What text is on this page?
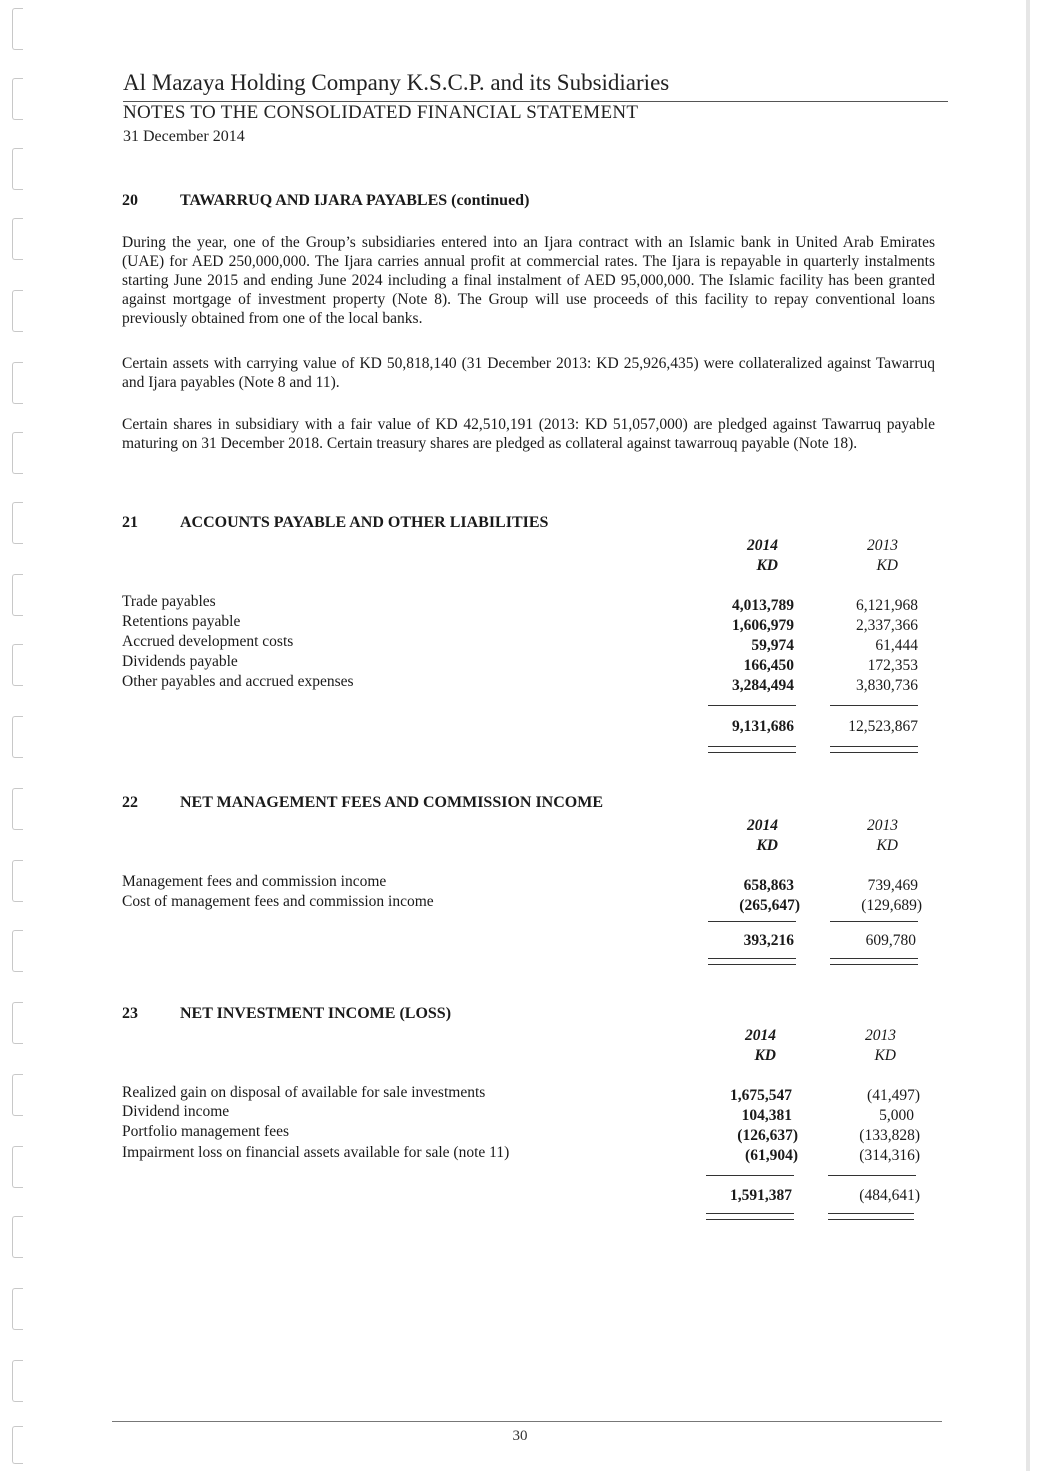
Al Mazaya Holding Company K.S.C.P. and its Subsidiaries
NOTES TO THE CONSOLIDATED FINANCIAL STATEMENT
31 December 2014
20	TAWARRUQ AND IJARA PAYABLES (continued)

During the year, one of the Group’s subsidiaries entered into an Ijara contract with an Islamic bank in United Arab Emirates (UAE) for AED 250,000,000. The Ijara carries annual profit at commercial rates. The Ijara is repayable in quarterly instalments starting June 2015 and ending June 2024 including a final instalment of AED 95,000,000. The Islamic facility has been granted against mortgage of investment property (Note 8). The Group will use proceeds of this facility to repay conventional loans previously obtained from one of the local banks.

Certain assets with carrying value of KD 50,818,140 (31 December 2013: KD 25,926,435) were collateralized against Tawarruq and Ijara payables (Note 8 and 11).

Certain shares in subsidiary with a fair value of KD 42,510,191 (2013: KD 51,057,000) are pledged against Tawarruq payable maturing on 31 December 2018. Certain treasury shares are pledged as collateral against tawarrouq payable (Note 18).

21	ACCOUNTS PAYABLE AND OTHER LIABILITIES
2014
KD
2013
KD
Trade payables	4,013,789	6,121,968
Retentions payable	1,606,979	2,337,366
Accrued development costs	59,974	61,444
Dividends payable	166,450	172,353
Other payables and accrued expenses	3,284,494	3,830,736
9,131,686	12,523,867
22	NET MANAGEMENT FEES AND COMMISSION INCOME
2014
KD
2013
KD
Management fees and commission income	658,863	739,469
Cost of management fees and commission income	(265,647)	(129,689)
393,216	609,780
23	NET INVESTMENT INCOME (LOSS)
2014
KD
2013
KD
Realized gain on disposal of available for sale investments	1,675,547	(41,497)
Dividend income	104,381	5,000
Portfolio management fees	(126,637)	(133,828)
Impairment loss on financial assets available for sale (note 11)	(61,904)	(314,316)
1,591,387	(484,641)
30
